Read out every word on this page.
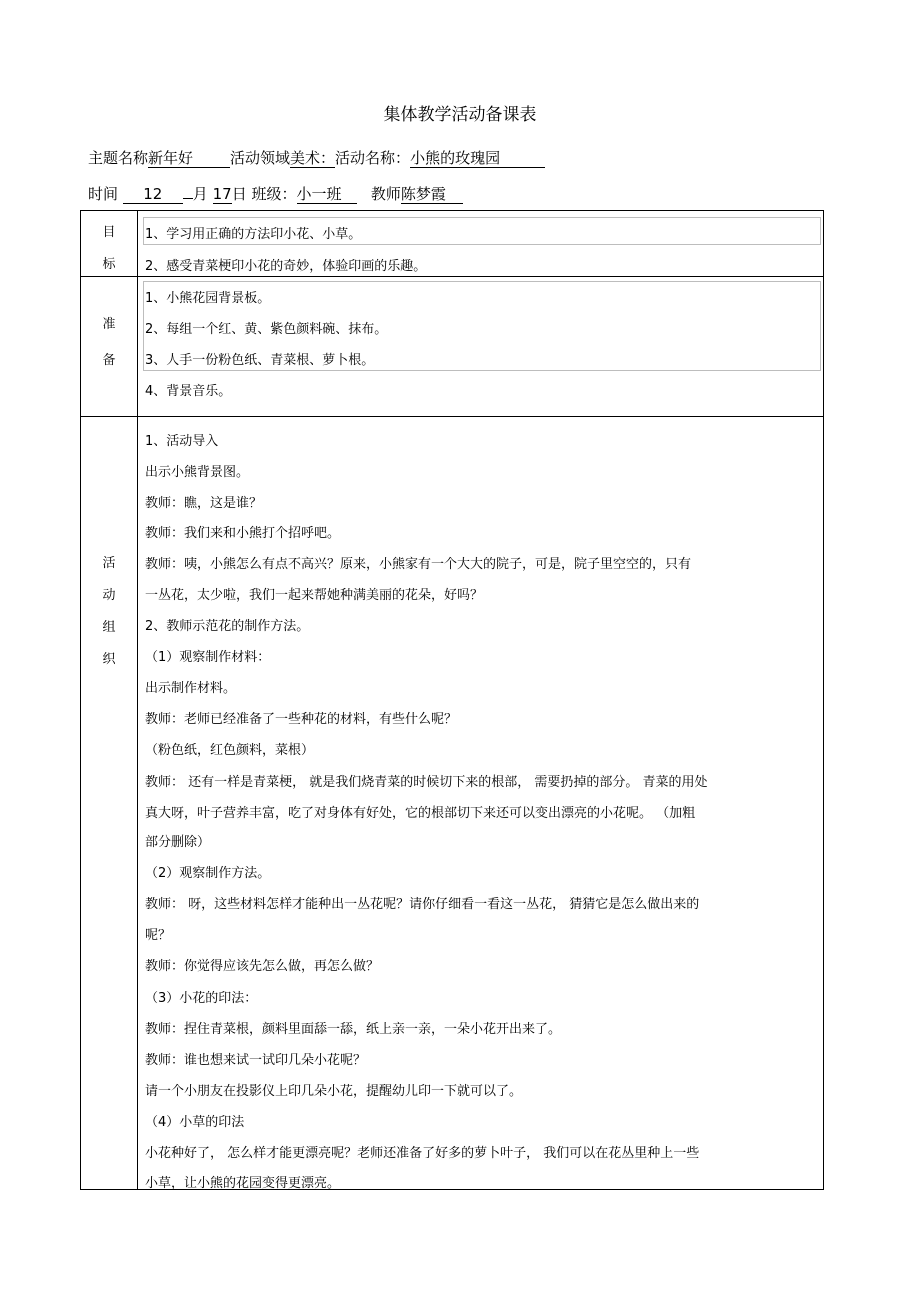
集体教学活动备课表
主题名称新年好 活动领域美术：活动名称：小熊的玫瑰园
时间 12 月 17日 班级：小一班 教师陈梦霞
目
标
1、学习用正确的方法印小花、小草。
2、感受青菜梗印小花的奇妙，体验印画的乐趣。
准
备
1、小熊花园背景板。
2、每组一个红、黄、紫色颜料碗、抹布。
3、人手一份粉色纸、青菜根、萝卜根。
4、背景音乐。
活
动
组
织
1、活动导入
出示小熊背景图。
教师：瞧，这是谁？
教师：我们来和小熊打个招呼吧。
教师：咦，小熊怎么有点不高兴？原来，小熊家有一个大大的院子，可是，院子里空空的，只有
一丛花，太少啦，我们一起来帮她种满美丽的花朵，好吗？
2、教师示范花的制作方法。
（1）观察制作材料：
出示制作材料。
教师：老师已经准备了一些种花的材料，有些什么呢？
（粉色纸，红色颜料，菜根）
教师： 还有一样是青菜梗， 就是我们烧青菜的时候切下来的根部， 需要扔掉的部分。 青菜的用处
真大呀，叶子营养丰富，吃了对身体有好处，它的根部切下来还可以变出漂亮的小花呢。 （加粗
部分删除）
（2）观察制作方法。
教师： 呀，这些材料怎样才能种出一丛花呢？请你仔细看一看这一丛花， 猜猜它是怎么做出来的
呢？
教师：你觉得应该先怎么做，再怎么做？
（3）小花的印法：
教师：捏住青菜根，颜料里面舔一舔，纸上亲一亲，一朵小花开出来了。
教师：谁也想来试一试印几朵小花呢？
请一个小朋友在投影仪上印几朵小花，提醒幼儿印一下就可以了。
（4）小草的印法
小花种好了， 怎么样才能更漂亮呢？老师还准备了好多的萝卜叶子， 我们可以在花丛里种上一些
小草，让小熊的花园变得更漂亮。
